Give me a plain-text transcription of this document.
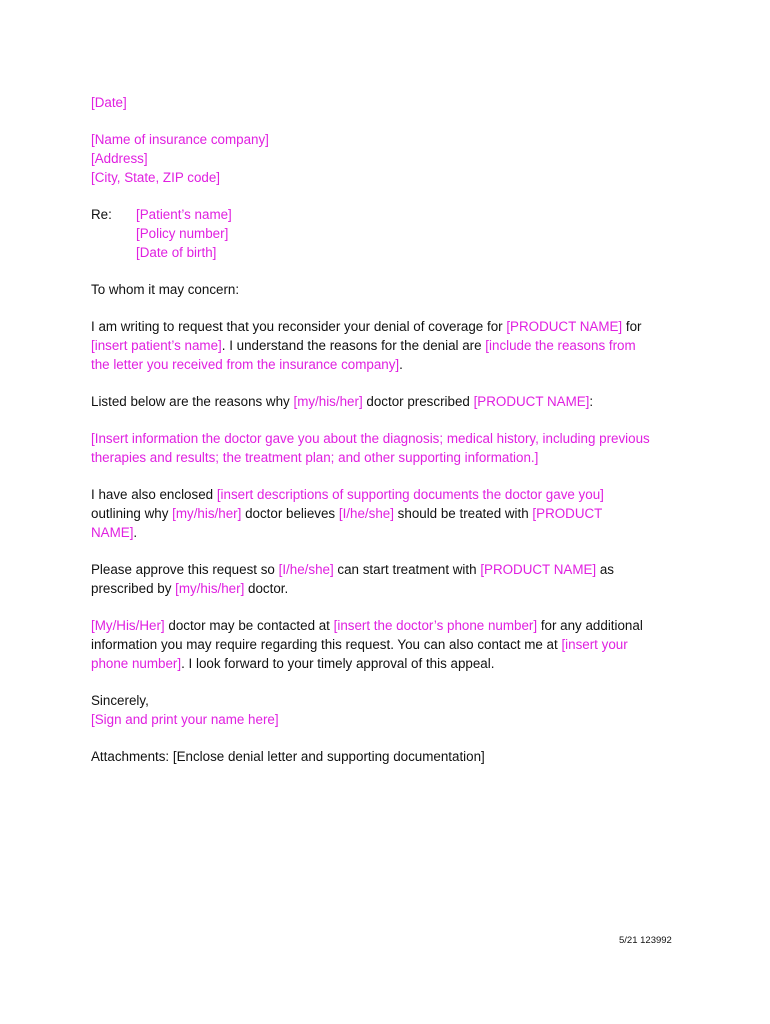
[Date]
[Name of insurance company]
[Address]
[City, State, ZIP code]
Re:	[Patient’s name]
[Policy number]
[Date of birth]
To whom it may concern:
I am writing to request that you reconsider your denial of coverage for [PRODUCT NAME] for
[insert patient’s name]. I understand the reasons for the denial are [include the reasons from
the letter you received from the insurance company].
Listed below are the reasons why [my/his/her] doctor prescribed [PRODUCT NAME]:
[Insert information the doctor gave you about the diagnosis; medical history, including previous
therapies and results; the treatment plan; and other supporting information.]
I have also enclosed [insert descriptions of supporting documents the doctor gave you]
outlining why [my/his/her] doctor believes [I/he/she] should be treated with [PRODUCT
NAME].
Please approve this request so [I/he/she] can start treatment with [PRODUCT NAME] as
prescribed by [my/his/her] doctor.
[My/His/Her] doctor may be contacted at [insert the doctor’s phone number] for any additional
information you may require regarding this request. You can also contact me at [insert your
phone number]. I look forward to your timely approval of this appeal.
Sincerely,
[Sign and print your name here]
Attachments: [Enclose denial letter and supporting documentation]
5/21 123992
